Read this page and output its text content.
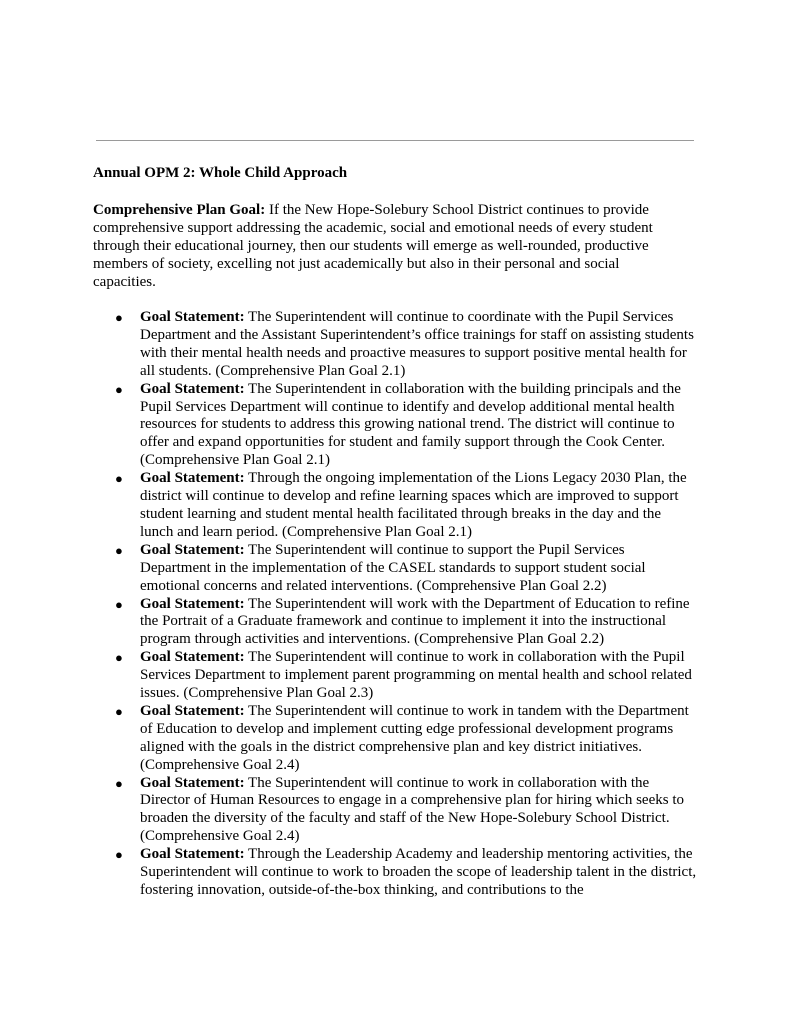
Annual OPM 2: Whole Child Approach

Comprehensive Plan Goal: If the New Hope-Solebury School District continues to provide comprehensive support addressing the academic, social and emotional needs of every student through their educational journey, then our students will emerge as well-rounded, productive members of society, excelling not just academically but also in their personal and social capacities.

● Goal Statement: The Superintendent will continue to coordinate with the Pupil Services Department and the Assistant Superintendent’s office trainings for staff on assisting students with their mental health needs and proactive measures to support positive mental health for all students. (Comprehensive Plan Goal 2.1)
● Goal Statement: The Superintendent in collaboration with the building principals and the Pupil Services Department will continue to identify and develop additional mental health resources for students to address this growing national trend. The district will continue to offer and expand opportunities for student and family support through the Cook Center. (Comprehensive Plan Goal 2.1)
● Goal Statement: Through the ongoing implementation of the Lions Legacy 2030 Plan, the district will continue to develop and refine learning spaces which are improved to support student learning and student mental health facilitated through breaks in the day and the lunch and learn period. (Comprehensive Plan Goal 2.1)
● Goal Statement: The Superintendent will continue to support the Pupil Services Department in the implementation of the CASEL standards to support student social emotional concerns and related interventions. (Comprehensive Plan Goal 2.2)
● Goal Statement: The Superintendent will work with the Department of Education to refine the Portrait of a Graduate framework and continue to implement it into the instructional program through activities and interventions. (Comprehensive Plan Goal 2.2)
● Goal Statement: The Superintendent will continue to work in collaboration with the Pupil Services Department to implement parent programming on mental health and school related issues. (Comprehensive Plan Goal 2.3)
● Goal Statement: The Superintendent will continue to work in tandem with the Department of Education to develop and implement cutting edge professional development programs aligned with the goals in the district comprehensive plan and key district initiatives. (Comprehensive Goal 2.4)
● Goal Statement: The Superintendent will continue to work in collaboration with the Director of Human Resources to engage in a comprehensive plan for hiring which seeks to broaden the diversity of the faculty and staff of the New Hope-Solebury School District. (Comprehensive Goal 2.4)
● Goal Statement: Through the Leadership Academy and leadership mentoring activities, the Superintendent will continue to work to broaden the scope of leadership talent in the district, fostering innovation, outside-of-the-box thinking, and contributions to the
